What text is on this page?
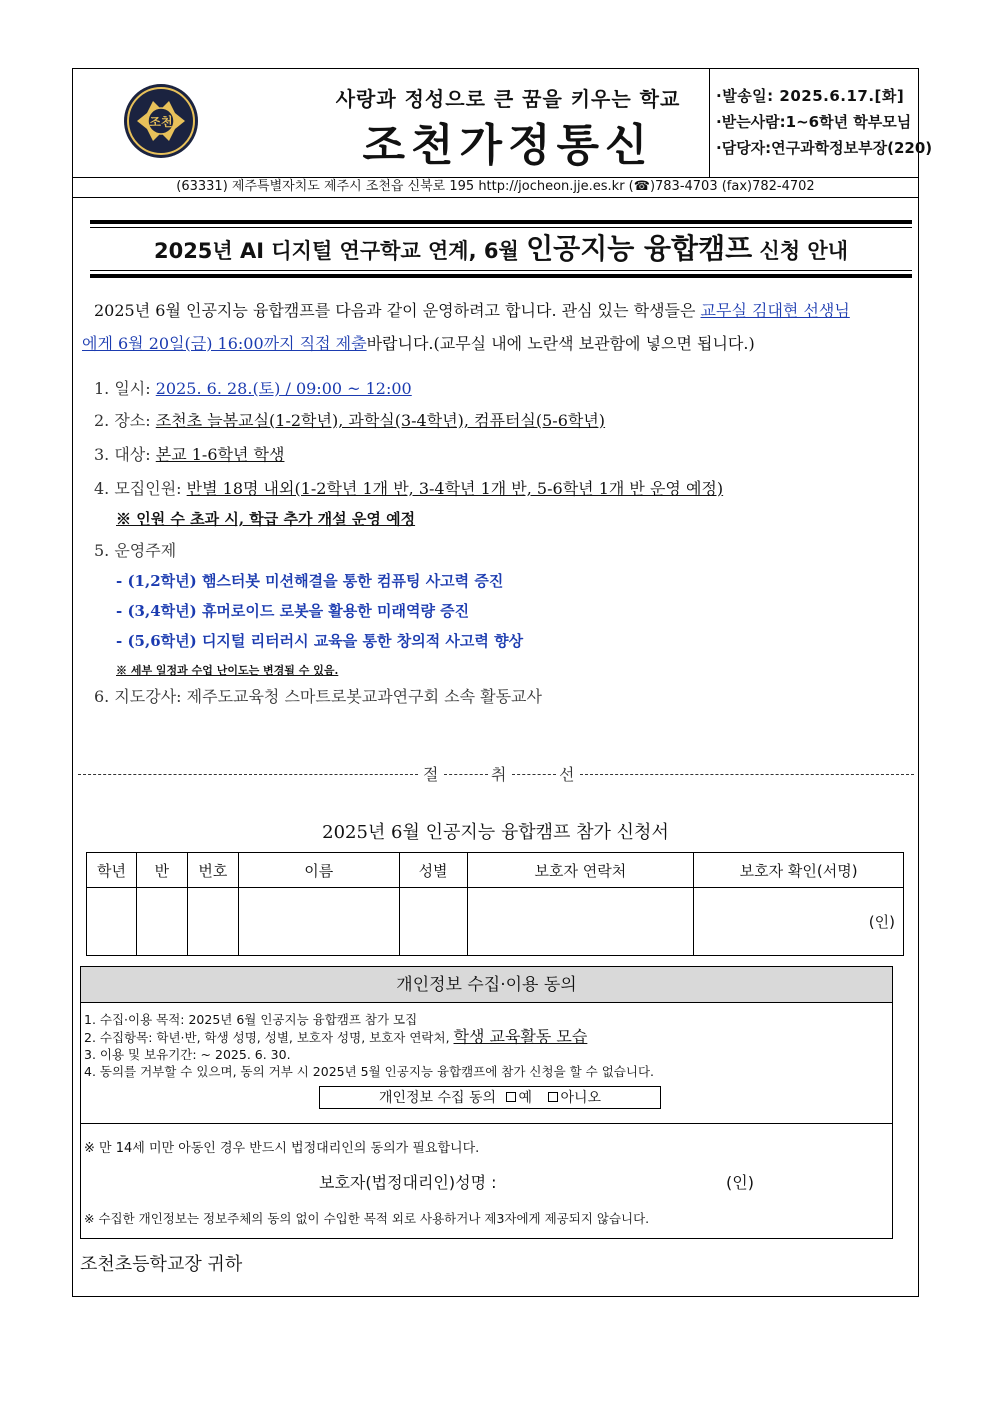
조천
사랑과 정성으로 큰 꿈을 키우는 학교
조천가정통신
·발송일: 2025.6.17.[화]
·받는사람:1~6학년 학부모님
·담당자:연구과학정보부장(220)
(63331) 제주특별자치도 제주시 조천읍 신북로 195 http://jocheon.jje.es.kr (☎)783-4703 (fax)782-4702
2025년 AI 디지털 연구학교 연계, 6월 인공지능 융합캠프 신청 안내

2025년 6월 인공지능 융합캠프를 다음과 같이 운영하려고 합니다. 관심 있는 학생들은 교무실 김대현 선생님

에게 6월 20일(금) 16:00까지 직접 제출바랍니다.(교무실 내에 노란색 보관함에 넣으면 됩니다.)

1. 일시: 2025. 6. 28.(토) / 09:00 ~ 12:00
2. 장소: 조천초 늘봄교실(1-2학년), 과학실(3-4학년), 컴퓨터실(5-6학년)
3. 대상: 본교 1-6학년 학생
4. 모집인원: 반별 18명 내외(1-2학년 1개 반, 3-4학년 1개 반, 5-6학년 1개 반 운영 예정)
※ 인원 수 초과 시, 학급 추가 개설 운영 예정
5. 운영주제
- (1,2학년) 햄스터봇 미션해결을 통한 컴퓨팅 사고력 증진
- (3,4학년) 휴머로이드 로봇을 활용한 미래역량 증진
- (5,6학년) 디지털 리터러시 교육을 통한 창의적 사고력 향상
※ 세부 일정과 수업 난이도는 변경될 수 있음.
6. 지도강사: 제주도교육청 스마트로봇교과연구회 소속 활동교사
절	취	선
2025년 6월 인공지능 융합캠프 참가 신청서
학년	반	번호	이름	성별	보호자 연락처	보호자 확인(서명)
						(인)
개인정보 수집·이용 동의
1. 수집·이용 목적: 2025년 6월 인공지능 융합캠프 참가 모집
2. 수집항목: 학년·반, 학생 성명, 성별, 보호자 성명, 보호자 연락처, 학생 교육활동 모습
3. 이용 및 보유기간: ~ 2025. 6. 30.
4. 동의를 거부할 수 있으며, 동의 거부 시 2025년 5월 인공지능 융합캠프에 참가 신청을 할 수 없습니다.
개인정보 수집 동의 예 아니오
※ 만 14세 미만 아동인 경우 반드시 법정대리인의 동의가 필요합니다.
보호자(법정대리인)성명 :	(인)
※ 수집한 개인정보는 정보주체의 동의 없이 수입한 목적 외로 사용하거나 제3자에게 제공되지 않습니다.
조천초등학교장 귀하
